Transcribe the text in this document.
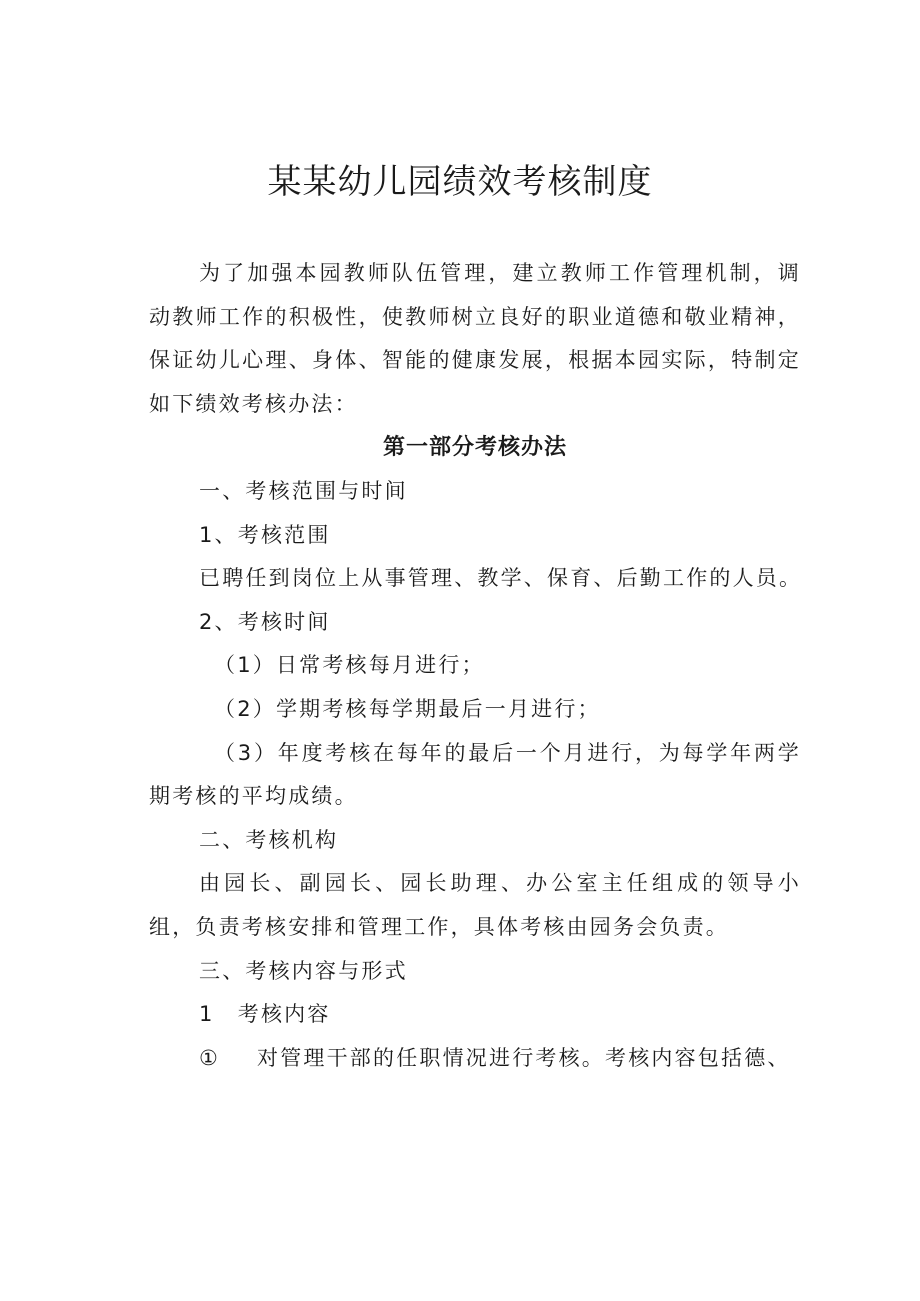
某某幼儿园绩效考核制度

为了加强本园教师队伍管理，建立教师工作管理机制，调动教师工作的积极性，使教师树立良好的职业道德和敬业精神，保证幼儿心理、身体、智能的健康发展，根据本园实际，特制定如下绩效考核办法：

第一部分考核办法

一、考核范围与时间

1、考核范围

已聘任到岗位上从事管理、教学、保育、后勤工作的人员。

2、考核时间

（1）日常考核每月进行；

（2）学期考核每学期最后一月进行；

（3）年度考核在每年的最后一个月进行，为每学年两学期考核的平均成绩。

二、考核机构

由园长、副园长、园长助理、办公室主任组成的领导小组，负责考核安排和管理工作，具体考核由园务会负责。

三、考核内容与形式

1　考核内容

① 对管理干部的任职情况进行考核。考核内容包括德、
